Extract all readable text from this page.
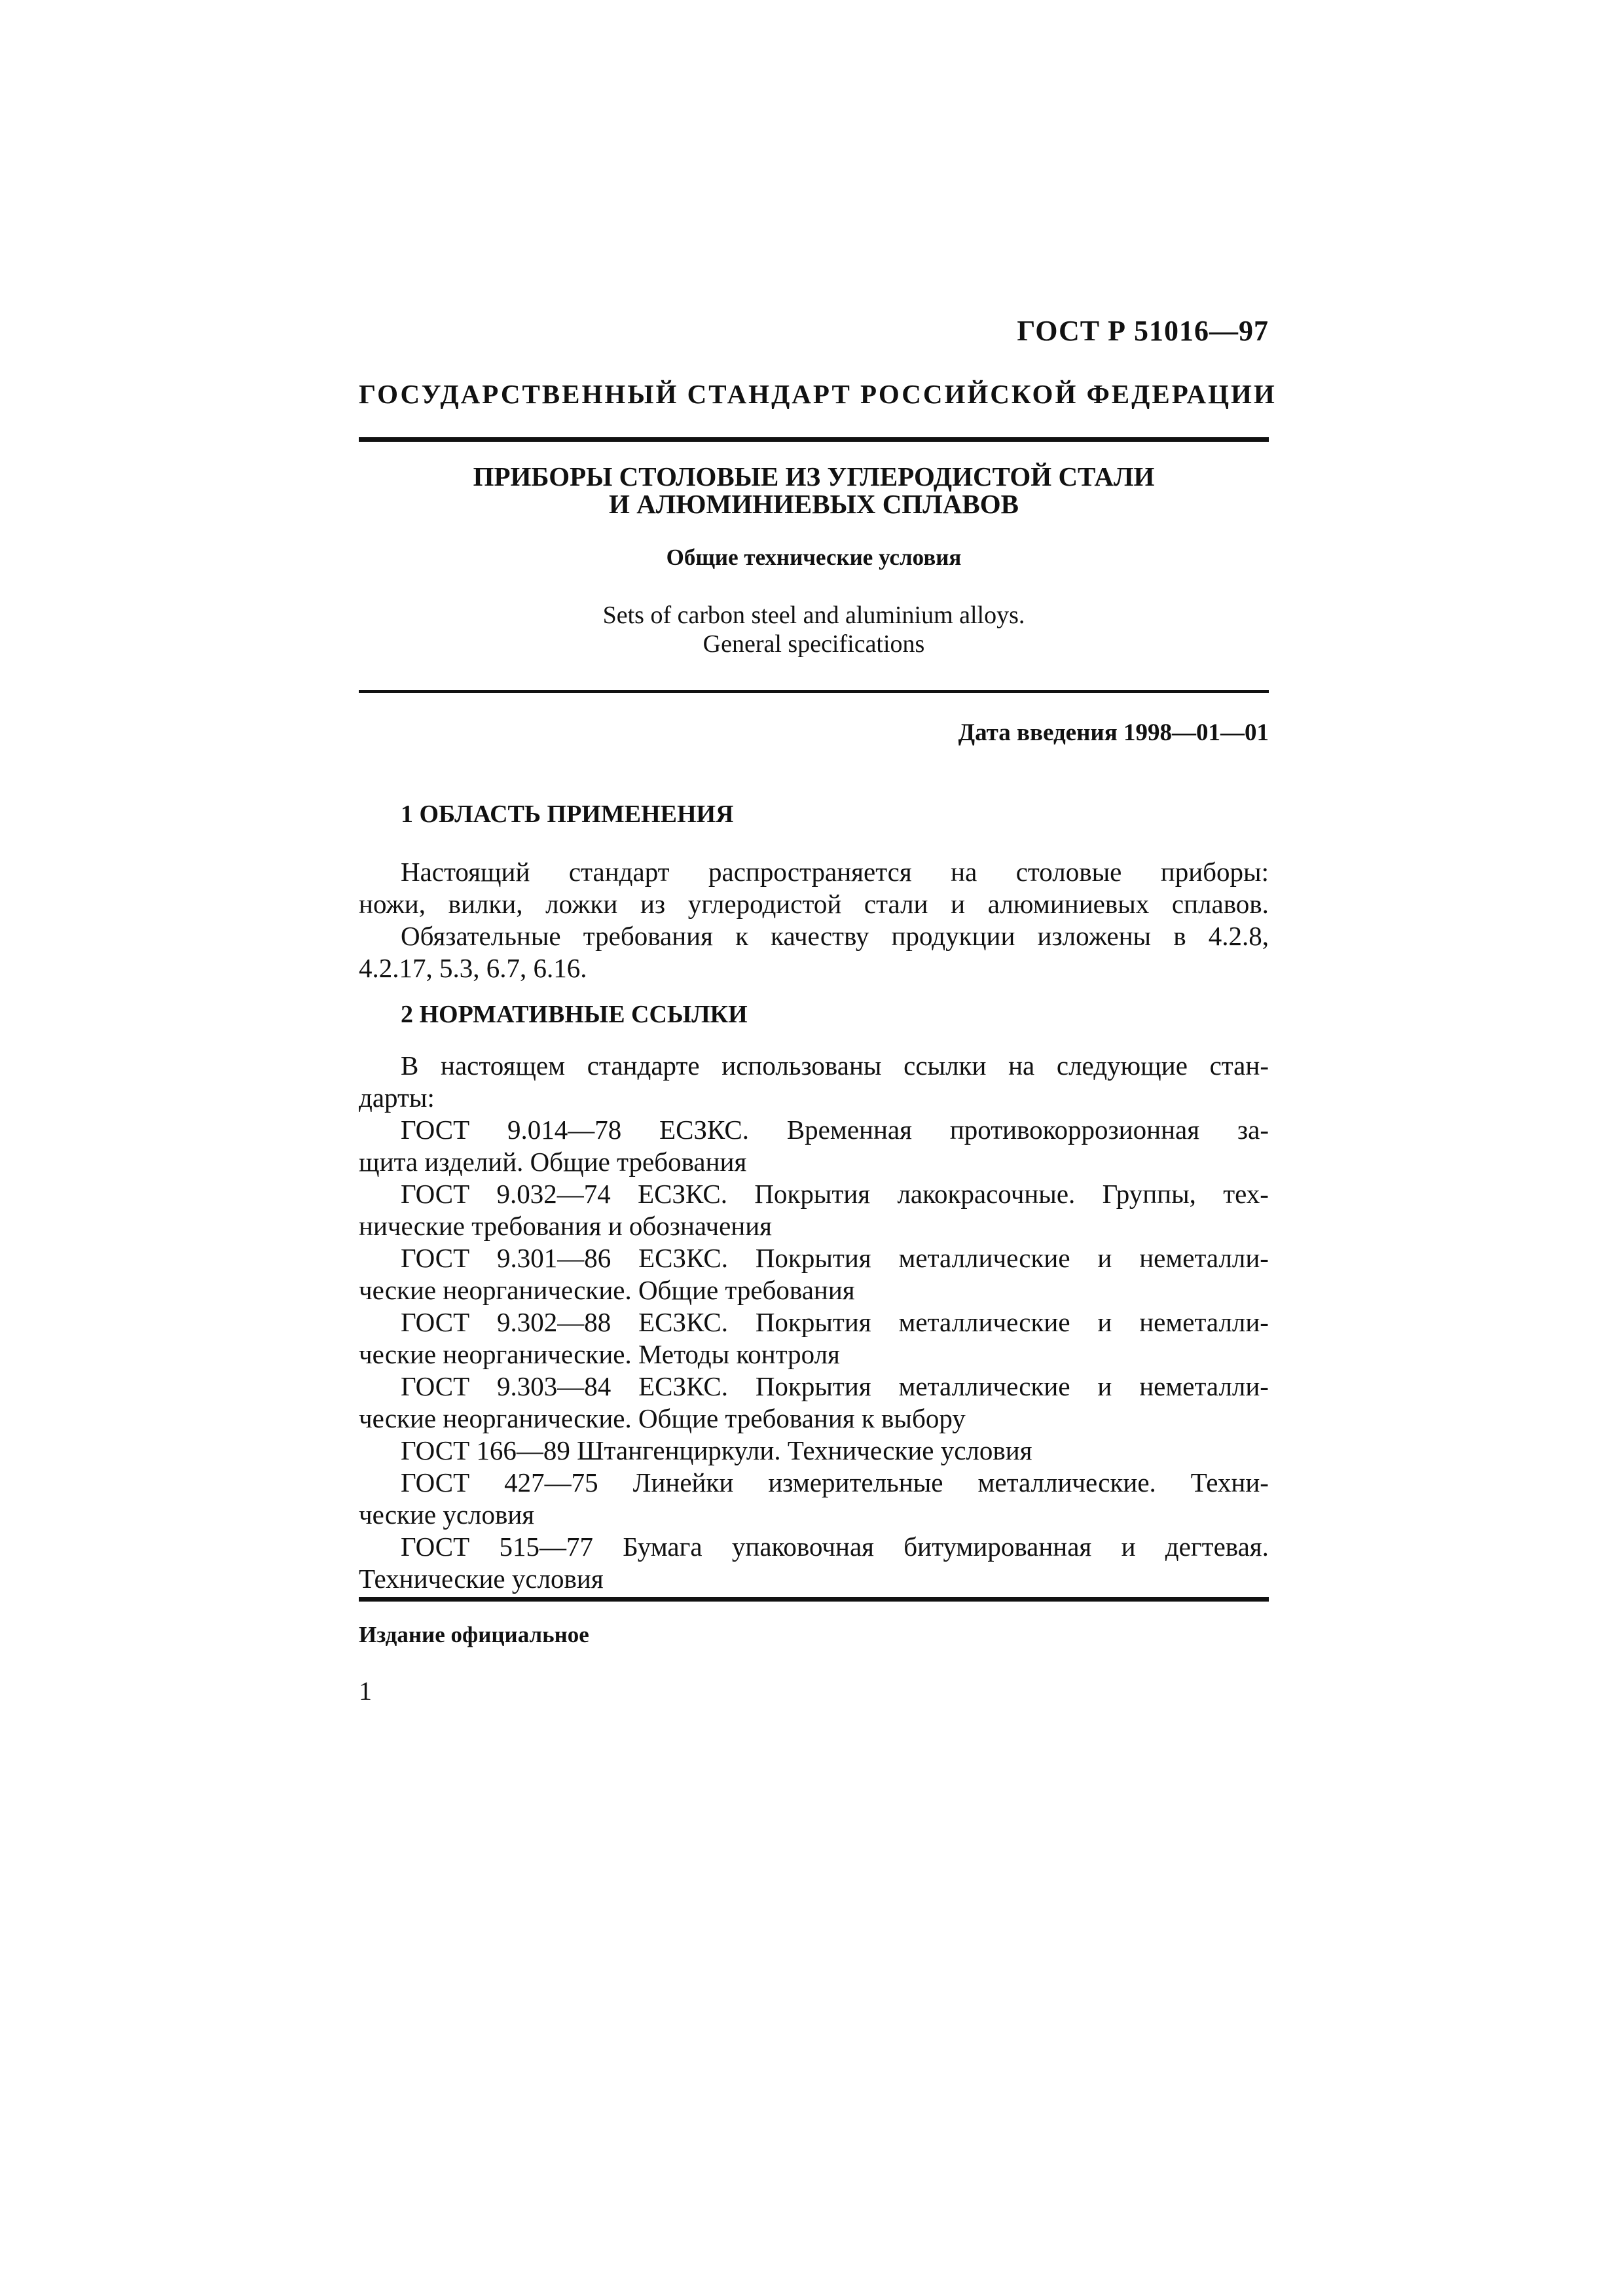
ГОСТ Р 51016—97
ГОСУДАРСТВЕННЫЙ СТАНДАРТ РОССИЙСКОЙ ФЕДЕРАЦИИ
ПРИБОРЫ СТОЛОВЫЕ ИЗ УГЛЕРОДИСТОЙ СТАЛИ
И АЛЮМИНИЕВЫХ СПЛАВОВ
Общие технические условия
Sets of carbon steel and aluminium alloys.
General specifications
Дата введения 1998—01—01
1 ОБЛАСТЬ ПРИМЕНЕНИЯ
Настоящий стандарт распространяется на столовые приборы:
ножи, вилки, ложки из углеродистой стали и алюминиевых сплавов.
Обязательные требования к качеству продукции изложены в 4.2.8,
4.2.17, 5.3, 6.7, 6.16.
2 НОРМАТИВНЫЕ ССЫЛКИ
В настоящем стандарте использованы ссылки на следующие стан-
дарты:
ГОСТ 9.014—78 ЕСЗКС. Временная противокоррозионная за-
щита изделий. Общие требования
ГОСТ 9.032—74 ЕСЗКС. Покрытия лакокрасочные. Группы, тех-
нические требования и обозначения
ГОСТ 9.301—86 ЕСЗКС. Покрытия металлические и неметалли-
ческие неорганические. Общие требования
ГОСТ 9.302—88 ЕСЗКС. Покрытия металлические и неметалли-
ческие неорганические. Методы контроля
ГОСТ 9.303—84 ЕСЗКС. Покрытия металлические и неметалли-
ческие неорганические. Общие требования к выбору
ГОСТ 166—89 Штангенциркули. Технические условия
ГОСТ 427—75 Линейки измерительные металлические. Техни-
ческие условия
ГОСТ 515—77 Бумага упаковочная битумированная и дегтевая.
Технические условия
Издание официальное
1
